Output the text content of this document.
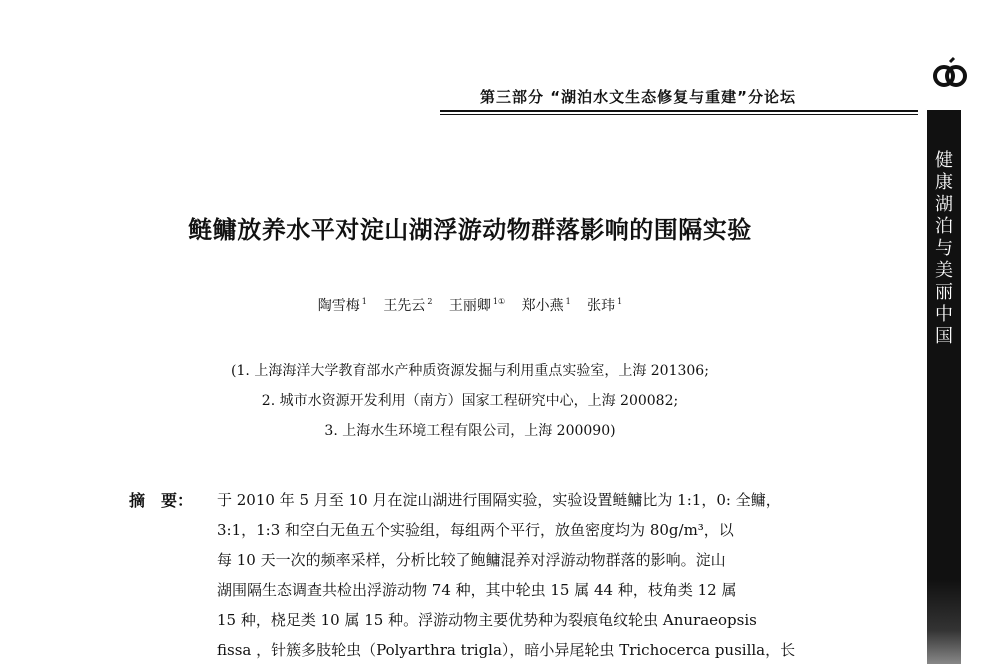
第三部分 “湖泊水文生态修复与重建”分论坛
健康湖泊与美丽中国
鲢鳙放养水平对淀山湖浮游动物群落影响的围隔实验
陶雪梅 $^1$ 王先云 $^2$ 王丽卿 $^{1①}$ 郑小燕 $^1$ 张玮 $^1$
(1. 上海海洋大学教育部水产种质资源发掘与利用重点实验室，上海 201306;
2. 城市水资源开发利用（南方）国家工程研究中心，上海 200082;
3. 上海水生环境工程有限公司，上海 200090)
摘　要： 于 2010 年 5 月至 10 月在淀山湖进行围隔实验，实验设置鲢鳙比为 1:1，0: 全鳙，
3:1，1:3 和空白无鱼五个实验组，每组两个平行，放鱼密度均为 80g/m³，以
每 10 天一次的频率采样，分析比较了鲍鳙混养对浮游动物群落的影响。淀山
湖围隔生态调查共检出浮游动物 74 种，其中轮虫 15 属 44 种，枝角类 12 属
15 种，桡足类 10 属 15 种。浮游动物主要优势种为裂痕龟纹轮虫 Anuraeopsis
fissa ，针簇多肢轮虫（Polyarthra trigla），暗小异尾轮虫 Trichocerca pusilla，长
